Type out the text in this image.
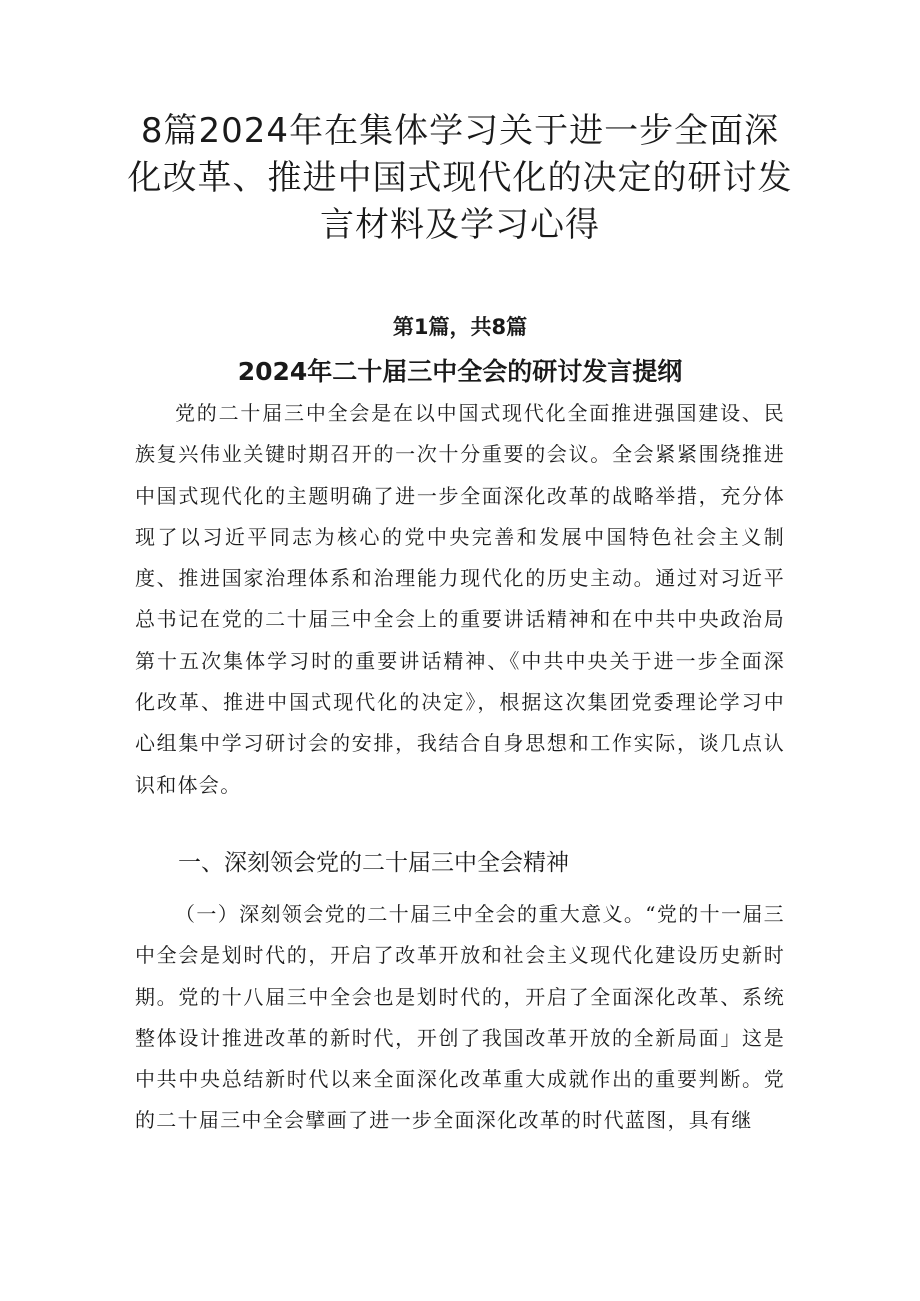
8篇2024年在集体学习关于进一步全面深
化改革、推进中国式现代化的决定的研讨发
言材料及学习心得

第1篇，共8篇

2024年二十届三中全会的研讨发言提纲

党的二十届三中全会是在以中国式现代化全面推进强国建设、民族复兴伟业关键时期召开的一次十分重要的会议。全会紧紧围绕推进中国式现代化的主题明确了进一步全面深化改革的战略举措，充分体现了以习近平同志为核心的党中央完善和发展中国特色社会主义制度、推进国家治理体系和治理能力现代化的历史主动。通过对习近平总书记在党的二十届三中全会上的重要讲话精神和在中共中央政治局第十五次集体学习时的重要讲话精神、《中共中央关于进一步全面深化改革、推进中国式现代化的决定》，根据这次集团党委理论学习中心组集中学习研讨会的安排，我结合自身思想和工作实际，谈几点认识和体会。

一、深刻领会党的二十届三中全会精神

（一）深刻领会党的二十届三中全会的重大意义。“党的十一届三中全会是划时代的，开启了改革开放和社会主义现代化建设历史新时期。党的十八届三中全会也是划时代的，开启了全面深化改革、系统整体设计推进改革的新时代，开创了我国改革开放的全新局面」这是中共中央总结新时代以来全面深化改革重大成就作出的重要判断。党的二十届三中全会擘画了进一步全面深化改革的时代蓝图，具有继
